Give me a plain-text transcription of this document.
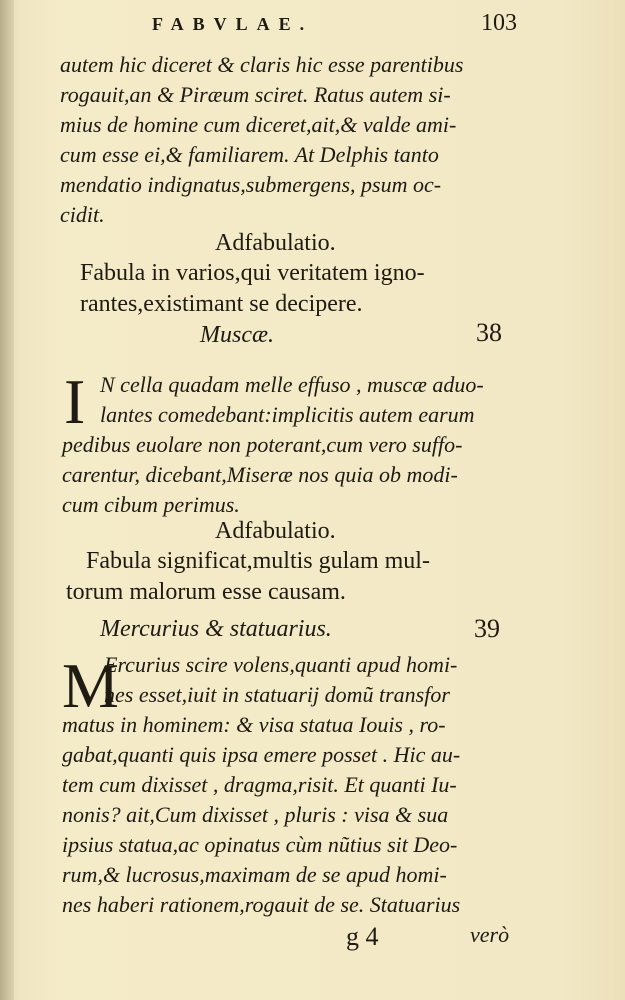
FABVLAE.	103

autem hic diceret & claris hic esse parentibus

rogauit,an & Piræum sciret. Ratus autem si-

mius de homine cum diceret,ait,& valde ami-

cum esse ei,& familiarem. At Delphis tanto

mendatio indignatus,submergens, psum oc-

cidit.

Adfabulatio.

Fabula in varios,qui veritatem igno-

rantes,existimant se decipere.

Muscæ.	38
I N cella quadam melle effuso , muscæ aduo-

lantes comedebant:implicitis autem earum

pedibus euolare non poterant,cum vero suffo-

carentur, dicebant,Miseræ nos quia ob modi-

cum cibum perimus.

Adfabulatio.

Fabula significat,multis gulam mul-

torum malorum esse causam.

Mercurius & statuarius.	39
M

Ercurius scire volens,quanti apud homi-

nes esset,iuit in statuarij domũ transfor

matus in hominem: & visa statua Iouis , ro-

gabat,quanti quis ipsa emere posset . Hic au-

tem cum dixisset , dragma,risit. Et quanti Iu-

nonis? ait,Cum dixisset , pluris : visa & sua

ipsius statua,ac opinatus cùm nũtius sit Deo-

rum,& lucrosus,maximam de se apud homi-

nes haberi rationem,rogauit de se. Statuarius

g 4	verò
